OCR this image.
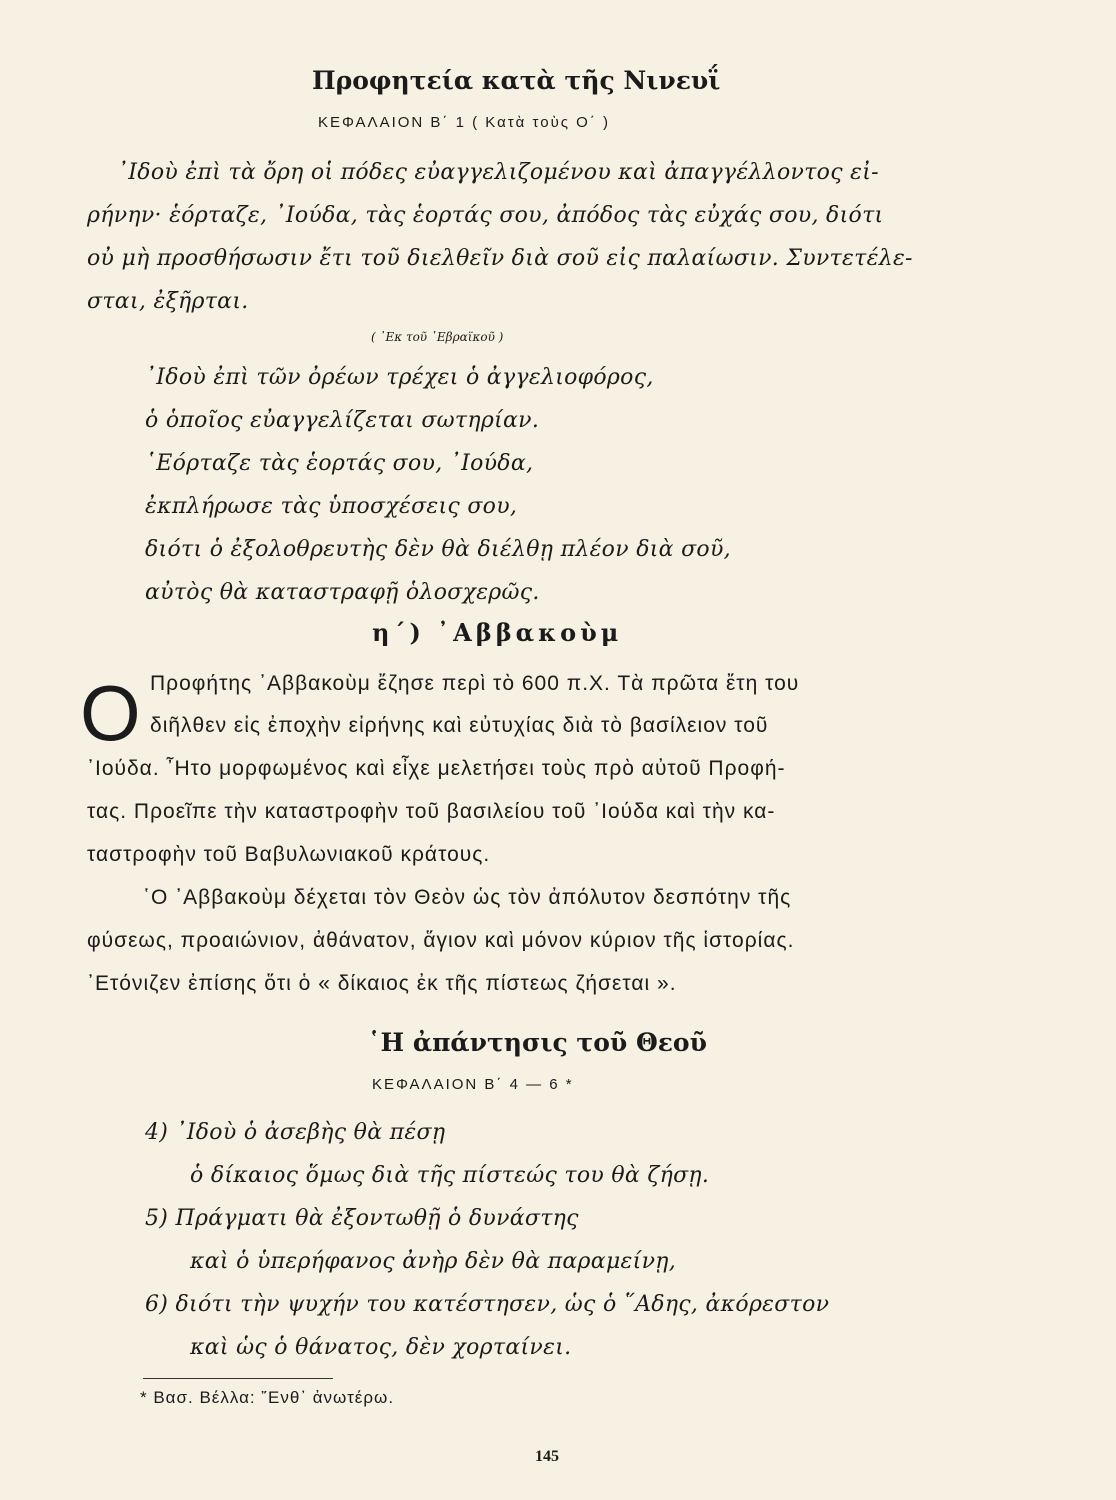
Προφητεία κατὰ τῆς Νινευΐ
ΚΕΦΑΛΑΙΟΝ Β΄ 1 ( Κατὰ τοὺς Ο΄ )
᾿Ιδοὺ ἐπὶ τὰ ὄρη οἱ πόδες εὐαγγελιζομένου καὶ ἀπαγγέλλοντος εἰ-
ρήνην· ἑόρταζε, ᾿Ιούδα, τὰς ἑορτάς σου, ἀπόδος τὰς εὐχάς σου, διότι
οὐ μὴ προσθήσωσιν ἔτι τοῦ διελθεῖν διὰ σοῦ εἰς παλαίωσιν. Συντετέλε-
σται, ἐξῆρται.
( ᾿Εκ τοῦ ῾Εβραϊκοῦ )
᾿Ιδοὺ ἐπὶ τῶν ὀρέων τρέχει ὁ ἀγγελιοφόρος,
ὁ ὁποῖος εὐαγγελίζεται σωτηρίαν.
῾Εόρταζε τὰς ἑορτάς σου, ᾿Ιούδα,
ἐκπλήρωσε τὰς ὑποσχέσεις σου,
διότι ὁ ἐξολοθρευτὴς δὲν θὰ διέλθῃ πλέον διὰ σοῦ,
αὐτὸς θὰ καταστραφῇ ὁλοσχερῶς.
η΄) ᾿Αββακοὺμ
Ο Προφήτης ᾿Αββακοὺμ ἔζησε περὶ τὸ 600 π.Χ. Τὰ πρῶτα ἔτη του
διῆλθεν εἰς ἐποχὴν εἰρήνης καὶ εὐτυχίας διὰ τὸ βασίλειον τοῦ
᾿Ιούδα. ῏Ητο μορφωμένος καὶ εἶχε μελετήσει τοὺς πρὸ αὐτοῦ Προφή-
τας. Προεῖπε τὴν καταστροφὴν τοῦ βασιλείου τοῦ ᾿Ιούδα καὶ τὴν κα-
ταστροφὴν τοῦ Βαβυλωνιακοῦ κράτους.
῾Ο ᾿Αββακοὺμ δέχεται τὸν Θεὸν ὡς τὸν ἀπόλυτον δεσπότην τῆς
φύσεως, προαιώνιον, ἀθάνατον, ἅγιον καὶ μόνον κύριον τῆς ἱστορίας.
᾿Ετόνιζεν ἐπίσης ὅτι ὁ « δίκαιος ἐκ τῆς πίστεως ζήσεται ».
῾Η ἀπάντησις τοῦ Θεοῦ
ΚΕΦΑΛΑΙΟΝ Β΄ 4 — 6 *
4) ᾿Ιδοὺ ὁ ἀσεβὴς θὰ πέσῃ
ὁ δίκαιος ὅμως διὰ τῆς πίστεώς του θὰ ζήσῃ.
5) Πράγματι θὰ ἐξοντωθῇ ὁ δυνάστης
καὶ ὁ ὑπερήφανος ἀνὴρ δὲν θὰ παραμείνῃ,
6) διότι τὴν ψυχήν του κατέστησεν, ὡς ὁ ῞Αδης, ἀκόρεστον
καὶ ὡς ὁ θάνατος, δὲν χορταίνει.
* Βασ. Βέλλα: ῎Ενθ᾿ ἀνωτέρω.
145
